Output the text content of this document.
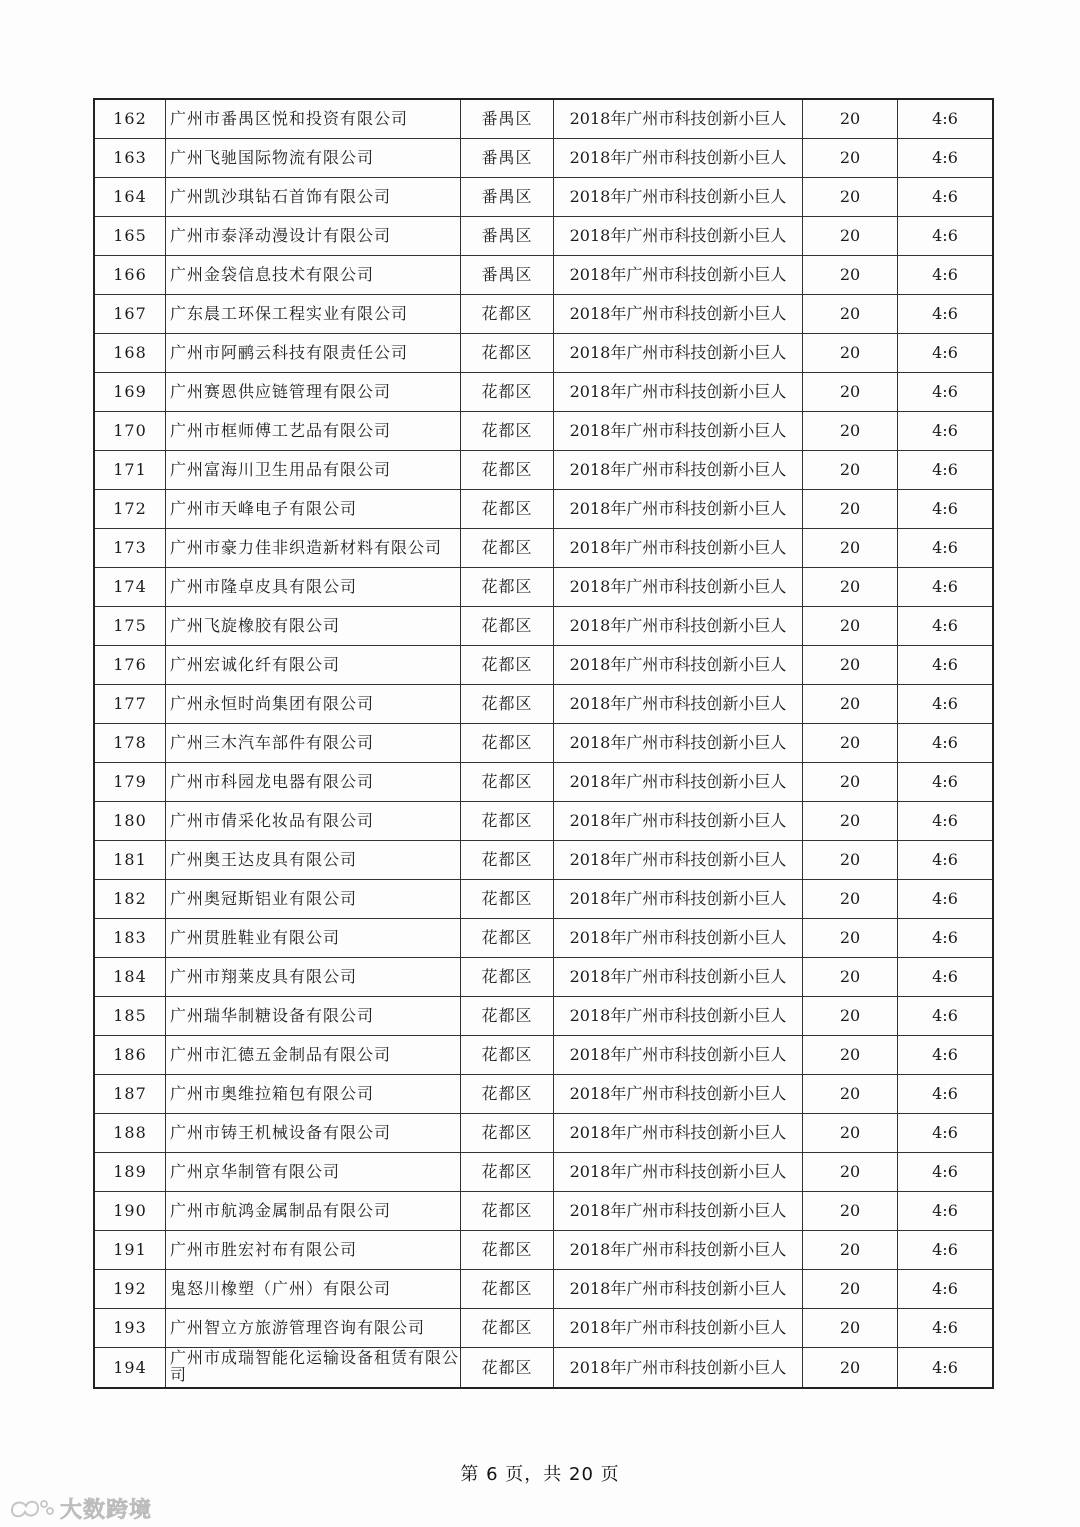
162	广州市番禺区悦和投资有限公司	番禺区	2018年广州市科技创新小巨人	20	4:6
163	广州飞驰国际物流有限公司	番禺区	2018年广州市科技创新小巨人	20	4:6
164	广州凯沙琪钻石首饰有限公司	番禺区	2018年广州市科技创新小巨人	20	4:6
165	广州市泰泽动漫设计有限公司	番禺区	2018年广州市科技创新小巨人	20	4:6
166	广州金袋信息技术有限公司	番禺区	2018年广州市科技创新小巨人	20	4:6
167	广东晨工环保工程实业有限公司	花都区	2018年广州市科技创新小巨人	20	4:6
168	广州市阿鹂云科技有限责任公司	花都区	2018年广州市科技创新小巨人	20	4:6
169	广州赛恩供应链管理有限公司	花都区	2018年广州市科技创新小巨人	20	4:6
170	广州市框师傅工艺品有限公司	花都区	2018年广州市科技创新小巨人	20	4:6
171	广州富海川卫生用品有限公司	花都区	2018年广州市科技创新小巨人	20	4:6
172	广州市天峰电子有限公司	花都区	2018年广州市科技创新小巨人	20	4:6
173	广州市豪力佳非织造新材料有限公司	花都区	2018年广州市科技创新小巨人	20	4:6
174	广州市隆卓皮具有限公司	花都区	2018年广州市科技创新小巨人	20	4:6
175	广州飞旋橡胶有限公司	花都区	2018年广州市科技创新小巨人	20	4:6
176	广州宏诚化纤有限公司	花都区	2018年广州市科技创新小巨人	20	4:6
177	广州永恒时尚集团有限公司	花都区	2018年广州市科技创新小巨人	20	4:6
178	广州三木汽车部件有限公司	花都区	2018年广州市科技创新小巨人	20	4:6
179	广州市科园龙电器有限公司	花都区	2018年广州市科技创新小巨人	20	4:6
180	广州市倩采化妆品有限公司	花都区	2018年广州市科技创新小巨人	20	4:6
181	广州奥王达皮具有限公司	花都区	2018年广州市科技创新小巨人	20	4:6
182	广州奥冠斯铝业有限公司	花都区	2018年广州市科技创新小巨人	20	4:6
183	广州贯胜鞋业有限公司	花都区	2018年广州市科技创新小巨人	20	4:6
184	广州市翔莱皮具有限公司	花都区	2018年广州市科技创新小巨人	20	4:6
185	广州瑞华制糖设备有限公司	花都区	2018年广州市科技创新小巨人	20	4:6
186	广州市汇德五金制品有限公司	花都区	2018年广州市科技创新小巨人	20	4:6
187	广州市奥维拉箱包有限公司	花都区	2018年广州市科技创新小巨人	20	4:6
188	广州市铸王机械设备有限公司	花都区	2018年广州市科技创新小巨人	20	4:6
189	广州京华制管有限公司	花都区	2018年广州市科技创新小巨人	20	4:6
190	广州市航鸿金属制品有限公司	花都区	2018年广州市科技创新小巨人	20	4:6
191	广州市胜宏衬布有限公司	花都区	2018年广州市科技创新小巨人	20	4:6
192	鬼怒川橡塑（广州）有限公司	花都区	2018年广州市科技创新小巨人	20	4:6
193	广州智立方旅游管理咨询有限公司	花都区	2018年广州市科技创新小巨人	20	4:6
194	广州市成瑞智能化运输设备租赁有限公司	花都区	2018年广州市科技创新小巨人	20	4:6
第 6 页，共 20 页
大数跨境
